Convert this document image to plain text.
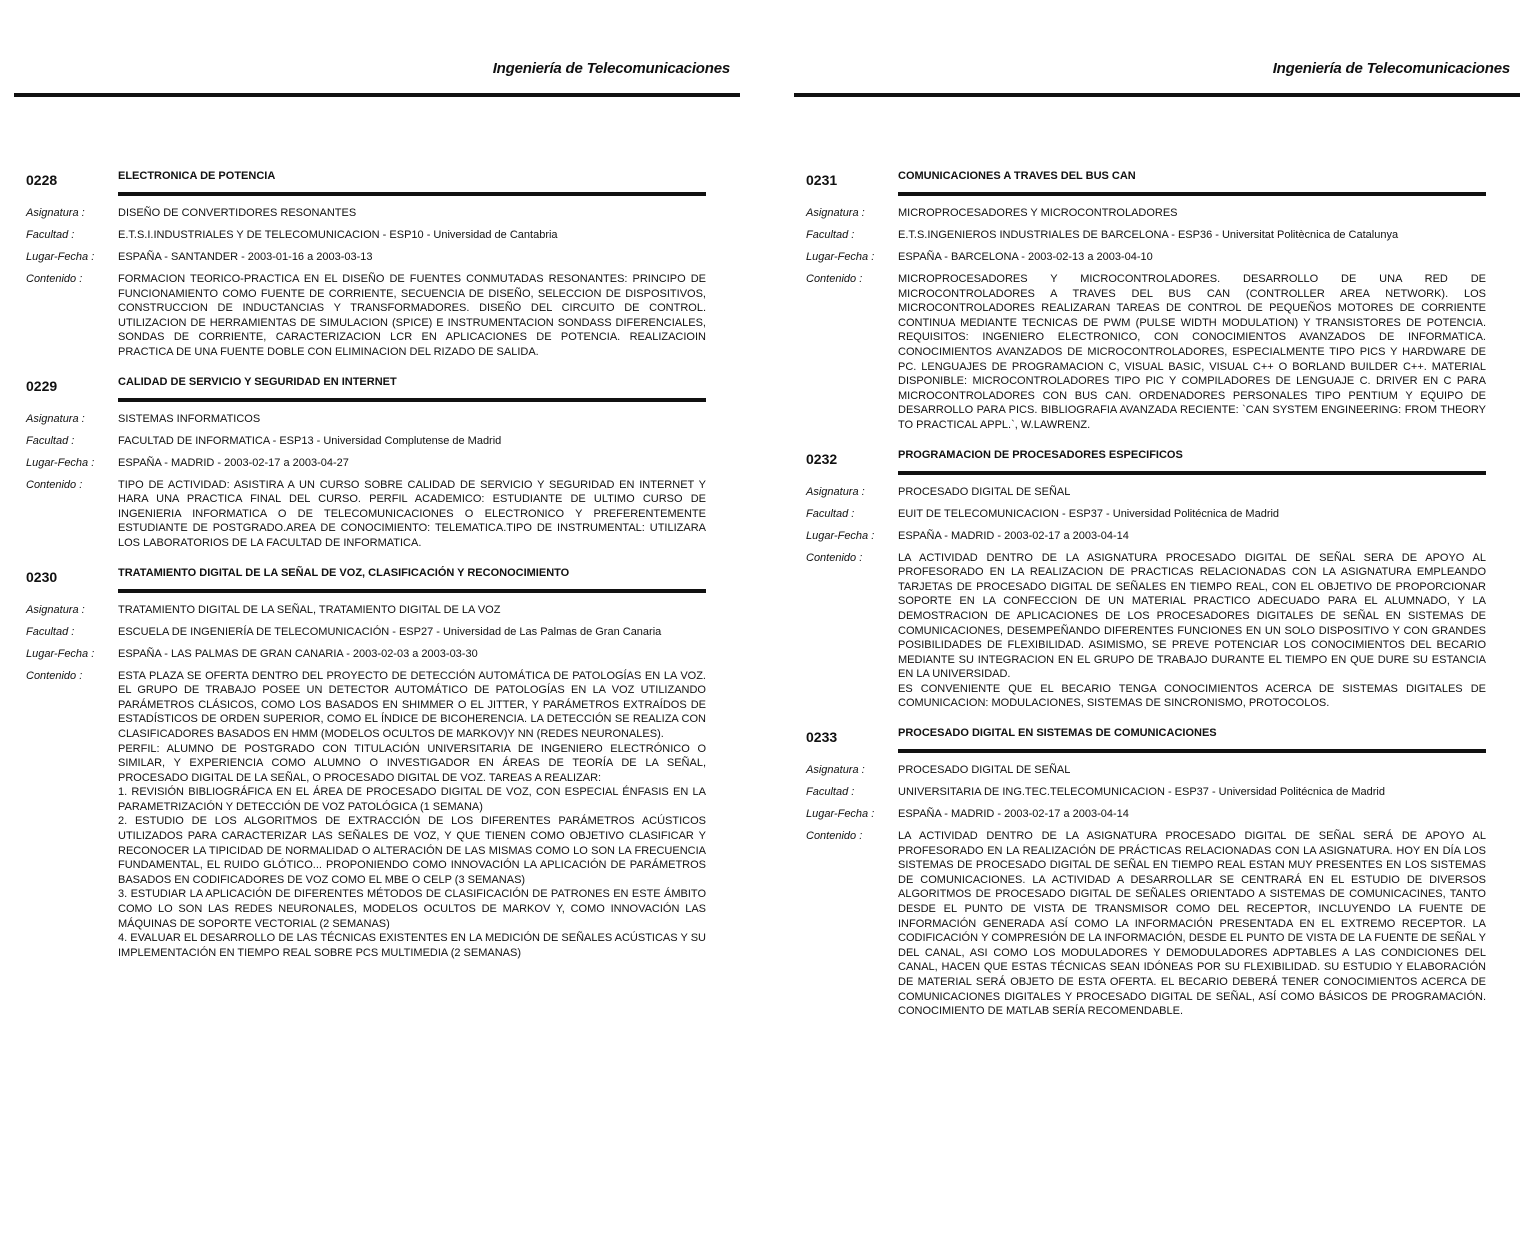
Ingeniería de Telecomunicaciones
0228	ELECTRONICA DE POTENCIA
Asignatura :	DISEÑO DE CONVERTIDORES RESONANTES
Facultad :	E.T.S.I.INDUSTRIALES Y DE TELECOMUNICACION - ESP10 - Universidad de Cantabria
Lugar-Fecha :	ESPAÑA - SANTANDER - 2003-01-16 a 2003-03-13
Contenido :	FORMACION TEORICO-PRACTICA EN EL DISEÑO DE FUENTES CONMUTADAS RESONANTES: PRINCIPO DE FUNCIONAMIENTO COMO FUENTE DE CORRIENTE, SECUENCIA DE DISEÑO, SELECCION DE DISPOSITIVOS, CONSTRUCCION DE INDUCTANCIAS Y TRANSFORMADORES. DISEÑO DEL CIRCUITO DE CONTROL. UTILIZACION DE HERRAMIENTAS DE SIMULACION (SPICE) E INSTRUMENTACION SONDASS DIFERENCIALES, SONDAS DE CORRIENTE, CARACTERIZACION LCR EN APLICACIONES DE POTENCIA. REALIZACIOIN PRACTICA DE UNA FUENTE DOBLE CON ELIMINACION DEL RIZADO DE SALIDA.
0229	CALIDAD DE SERVICIO Y SEGURIDAD EN INTERNET
Asignatura :	SISTEMAS INFORMATICOS
Facultad :	FACULTAD DE INFORMATICA - ESP13 - Universidad Complutense de Madrid
Lugar-Fecha :	ESPAÑA - MADRID - 2003-02-17 a 2003-04-27
Contenido :	TIPO DE ACTIVIDAD: ASISTIRA A UN CURSO SOBRE CALIDAD DE SERVICIO Y SEGURIDAD EN INTERNET Y HARA UNA PRACTICA FINAL DEL CURSO. PERFIL ACADEMICO: ESTUDIANTE DE ULTIMO CURSO DE INGENIERIA INFORMATICA O DE TELECOMUNICACIONES O ELECTRONICO Y PREFERENTEMENTE ESTUDIANTE DE POSTGRADO.AREA DE CONOCIMIENTO: TELEMATICA.TIPO DE INSTRUMENTAL: UTILIZARA LOS LABORATORIOS DE LA FACULTAD DE INFORMATICA.
0230	TRATAMIENTO DIGITAL DE LA SEÑAL DE VOZ, CLASIFICACIÓN Y RECONOCIMIENTO
Asignatura :	TRATAMIENTO DIGITAL DE LA SEÑAL, TRATAMIENTO DIGITAL DE LA VOZ
Facultad :	ESCUELA DE INGENIERÍA DE TELECOMUNICACIÓN - ESP27 - Universidad de Las Palmas de Gran Canaria
Lugar-Fecha :	ESPAÑA - LAS PALMAS DE GRAN CANARIA - 2003-02-03 a 2003-03-30
Contenido :	ESTA PLAZA SE OFERTA DENTRO DEL PROYECTO DE DETECCIÓN AUTOMÁTICA DE PATOLOGÍAS EN LA VOZ. EL GRUPO DE TRABAJO POSEE UN DETECTOR AUTOMÁTICO DE PATOLOGÍAS EN LA VOZ UTILIZANDO PARÁMETROS CLÁSICOS, COMO LOS BASADOS EN SHIMMER O EL JITTER, Y PARÁMETROS EXTRAÍDOS DE ESTADÍSTICOS DE ORDEN SUPERIOR, COMO EL ÍNDICE DE BICOHERENCIA. LA DETECCIÓN SE REALIZA CON CLASIFICADORES BASADOS EN HMM (MODELOS OCULTOS DE MARKOV)Y NN (REDES NEURONALES).
PERFIL: ALUMNO DE POSTGRADO CON TITULACIÓN UNIVERSITARIA DE INGENIERO ELECTRÓNICO O SIMILAR, Y EXPERIENCIA COMO ALUMNO O INVESTIGADOR EN ÁREAS DE TEORÍA DE LA SEÑAL, PROCESADO DIGITAL DE LA SEÑAL, O PROCESADO DIGITAL DE VOZ. TAREAS A REALIZAR:
1. REVISIÓN BIBLIOGRÁFICA EN EL ÁREA DE PROCESADO DIGITAL DE VOZ, CON ESPECIAL ÉNFASIS EN LA PARAMETRIZACIÓN Y DETECCIÓN DE VOZ PATOLÓGICA (1 SEMANA)
2. ESTUDIO DE LOS ALGORITMOS DE EXTRACCIÓN DE LOS DIFERENTES PARÁMETROS ACÚSTICOS UTILIZADOS PARA CARACTERIZAR LAS SEÑALES DE VOZ, Y QUE TIENEN COMO OBJETIVO CLASIFICAR Y RECONOCER LA TIPICIDAD DE NORMALIDAD O ALTERACIÓN DE LAS MISMAS COMO LO SON LA FRECUENCIA FUNDAMENTAL, EL RUIDO GLÓTICO... PROPONIENDO COMO INNOVACIÓN LA APLICACIÓN DE PARÁMETROS BASADOS EN CODIFICADORES DE VOZ COMO EL MBE O CELP (3 SEMANAS)
3. ESTUDIAR LA APLICACIÓN DE DIFERENTES MÉTODOS DE CLASIFICACIÓN DE PATRONES EN ESTE ÁMBITO COMO LO SON LAS REDES NEURONALES, MODELOS OCULTOS DE MARKOV Y, COMO INNOVACIÓN LAS MÁQUINAS DE SOPORTE VECTORIAL (2 SEMANAS)
4. EVALUAR EL DESARROLLO DE LAS TÉCNICAS EXISTENTES EN LA MEDICIÓN DE SEÑALES ACÚSTICAS Y SU IMPLEMENTACIÓN EN TIEMPO REAL SOBRE PCS MULTIMEDIA (2 SEMANAS)
Ingeniería de Telecomunicaciones
0231	COMUNICACIONES A TRAVES DEL BUS CAN
Asignatura :	MICROPROCESADORES Y MICROCONTROLADORES
Facultad :	E.T.S.INGENIEROS INDUSTRIALES DE BARCELONA - ESP36 - Universitat Politècnica de Catalunya
Lugar-Fecha :	ESPAÑA - BARCELONA - 2003-02-13 a 2003-04-10
Contenido :	MICROPROCESADORES Y MICROCONTROLADORES. DESARROLLO DE UNA RED DE MICROCONTROLADORES A TRAVES DEL BUS CAN (CONTROLLER AREA NETWORK). LOS MICROCONTROLADORES REALIZARAN TAREAS DE CONTROL DE PEQUEÑOS MOTORES DE CORRIENTE CONTINUA MEDIANTE TECNICAS DE PWM (PULSE WIDTH MODULATION) Y TRANSISTORES DE POTENCIA. REQUISITOS: INGENIERO ELECTRONICO, CON CONOCIMIENTOS AVANZADOS DE INFORMATICA. CONOCIMIENTOS AVANZADOS DE MICROCONTROLADORES, ESPECIALMENTE TIPO PICS Y HARDWARE DE PC. LENGUAJES DE PROGRAMACION C, VISUAL BASIC, VISUAL C++ O BORLAND BUILDER C++. MATERIAL DISPONIBLE: MICROCONTROLADORES TIPO PIC Y COMPILADORES DE LENGUAJE C. DRIVER EN C PARA MICROCONTROLADORES CON BUS CAN. ORDENADORES PERSONALES TIPO PENTIUM Y EQUIPO DE DESARROLLO PARA PICS. BIBLIOGRAFIA AVANZADA RECIENTE: `CAN SYSTEM ENGINEERING: FROM THEORY TO PRACTICAL APPL.`, W.LAWRENZ.
0232	PROGRAMACION DE PROCESADORES ESPECIFICOS
Asignatura :	PROCESADO DIGITAL DE SEÑAL
Facultad :	EUIT DE TELECOMUNICACION - ESP37 - Universidad Politécnica de Madrid
Lugar-Fecha :	ESPAÑA - MADRID - 2003-02-17 a 2003-04-14
Contenido :	LA ACTIVIDAD DENTRO DE LA ASIGNATURA PROCESADO DIGITAL DE SEÑAL SERA DE APOYO AL PROFESORADO EN LA REALIZACION DE PRACTICAS RELACIONADAS CON LA ASIGNATURA EMPLEANDO TARJETAS DE PROCESADO DIGITAL DE SEÑALES EN TIEMPO REAL, CON EL OBJETIVO DE PROPORCIONAR SOPORTE EN LA CONFECCION DE UN MATERIAL PRACTICO ADECUADO PARA EL ALUMNADO, Y LA DEMOSTRACION DE APLICACIONES DE LOS PROCESADORES DIGITALES DE SEÑAL EN SISTEMAS DE COMUNICACIONES, DESEMPEÑANDO DIFERENTES FUNCIONES EN UN SOLO DISPOSITIVO Y CON GRANDES POSIBILIDADES DE FLEXIBILIDAD. ASIMISMO, SE PREVE POTENCIAR LOS CONOCIMIENTOS DEL BECARIO MEDIANTE SU INTEGRACION EN EL GRUPO DE TRABAJO DURANTE EL TIEMPO EN QUE DURE SU ESTANCIA EN LA UNIVERSIDAD.
ES CONVENIENTE QUE EL BECARIO TENGA CONOCIMIENTOS ACERCA DE SISTEMAS DIGITALES DE COMUNICACION: MODULACIONES, SISTEMAS DE SINCRONISMO, PROTOCOLOS.
0233	PROCESADO DIGITAL EN SISTEMAS DE COMUNICACIONES
Asignatura :	PROCESADO DIGITAL DE SEÑAL
Facultad :	UNIVERSITARIA DE ING.TEC.TELECOMUNICACION - ESP37 - Universidad Politécnica de Madrid
Lugar-Fecha :	ESPAÑA - MADRID - 2003-02-17 a 2003-04-14
Contenido :	LA ACTIVIDAD DENTRO DE LA ASIGNATURA PROCESADO DIGITAL DE SEÑAL SERÁ DE APOYO AL PROFESORADO EN LA REALIZACIÓN DE PRÁCTICAS RELACIONADAS CON LA ASIGNATURA. HOY EN DÍA LOS SISTEMAS DE PROCESADO DIGITAL DE SEÑAL EN TIEMPO REAL ESTAN MUY PRESENTES EN LOS SISTEMAS DE COMUNICACIONES. LA ACTIVIDAD A DESARROLLAR SE CENTRARÁ EN EL ESTUDIO DE DIVERSOS ALGORITMOS DE PROCESADO DIGITAL DE SEÑALES ORIENTADO A SISTEMAS DE COMUNICACINES, TANTO DESDE EL PUNTO DE VISTA DE TRANSMISOR COMO DEL RECEPTOR, INCLUYENDO LA FUENTE DE INFORMACIÓN GENERADA ASÍ COMO LA INFORMACIÓN PRESENTADA EN EL EXTREMO RECEPTOR. LA CODIFICACIÓN Y COMPRESIÓN DE LA INFORMACIÓN, DESDE EL PUNTO DE VISTA DE LA FUENTE DE SEÑAL Y DEL CANAL, ASI COMO LOS MODULADORES Y DEMODULADORES ADPTABLES A LAS CONDICIONES DEL CANAL, HACEN QUE ESTAS TÉCNICAS SEAN IDÓNEAS POR SU FLEXIBILIDAD. SU ESTUDIO Y ELABORACIÓN DE MATERIAL SERÁ OBJETO DE ESTA OFERTA. EL BECARIO DEBERÁ TENER CONOCIMIENTOS ACERCA DE COMUNICACIONES DIGITALES Y PROCESADO DIGITAL DE SEÑAL, ASÍ COMO BÁSICOS DE PROGRAMACIÓN. CONOCIMIENTO DE MATLAB SERÍA RECOMENDABLE.
